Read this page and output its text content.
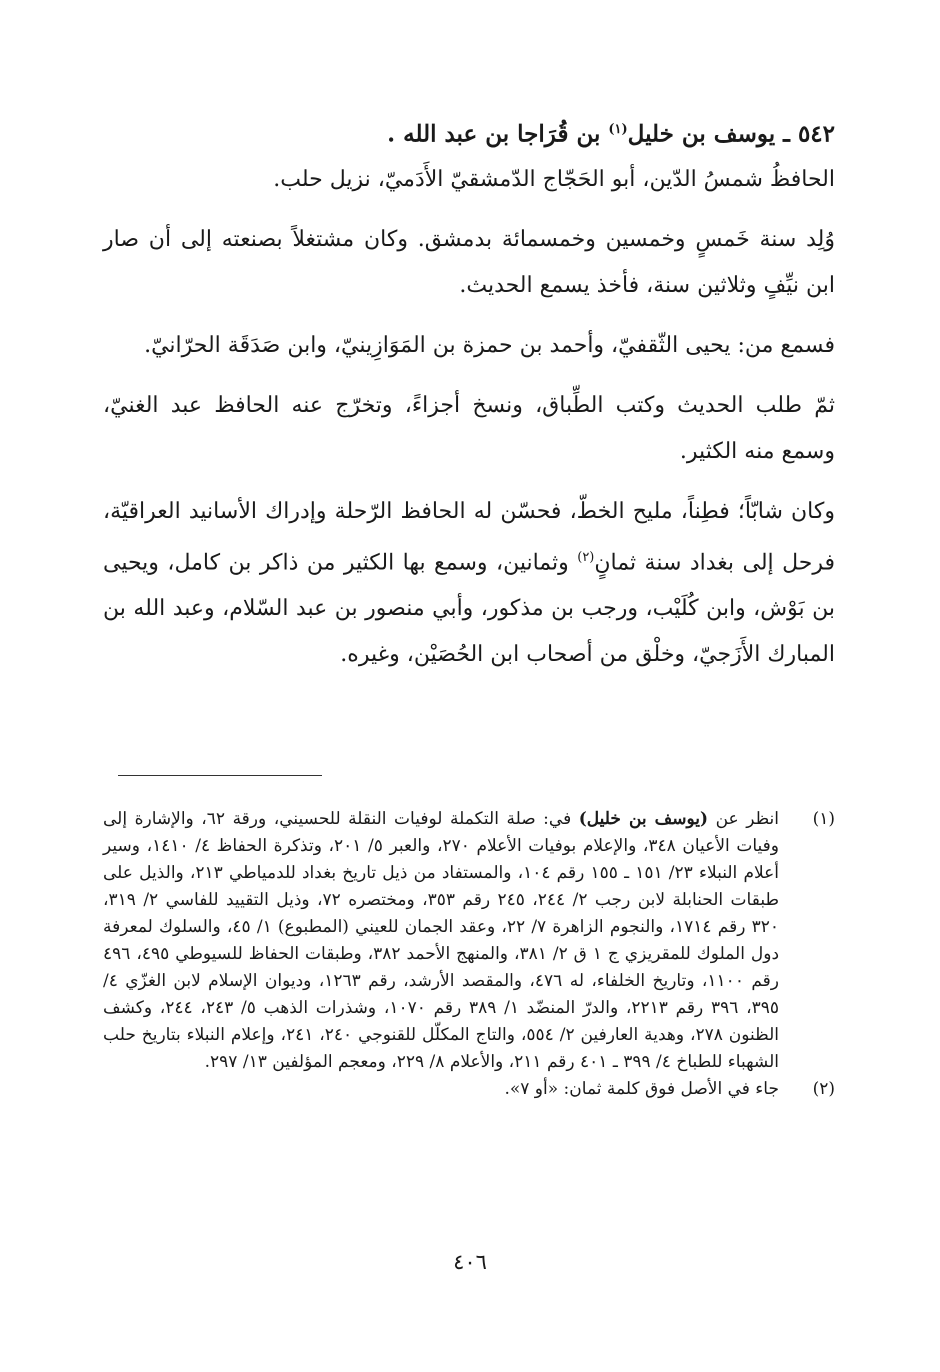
٥٤٢ ـ يوسف بن خليل$^{(١)}$ بن قُرَاجا بن عبد الله .

الحافظُ شمسُ الدّين، أبو الحَجّاج الدّمشقيّ الأَدَميّ، نزيل حلب.

وُلِد سنة خَمسٍ وخمسين وخمسمائة بدمشق. وكان مشتغلاً بصنعته إلى أن صار ابن نيِّفٍ وثلاثين سنة، فأخذ يسمع الحديث.

فسمع من: يحيى الثّقفيّ، وأحمد بن حمزة بن المَوَازِينيّ، وابن صَدَقَة الحرّانيّ.

ثمّ طلب الحديث وكتب الطِّباق، ونسخ أجزاءً، وتخرّج عنه الحافظ عبد الغنيّ، وسمع منه الكثير.

وكان شابّاً؛ فطِناً، مليح الخطّ، فحسّن له الحافظ الرّحلة وإدراك الأسانيد العراقيّة، فرحل إلى بغداد سنة ثمانٍ$^{(٢)}$ وثمانين، وسمع بها الكثير من ذاكر بن كامل، ويحيى بن بَوْش، وابن كُلَيْب، ورجب بن مذكور، وأبي منصور بن عبد السّلام، وعبد الله بن المبارك الأَزَجيّ، وخلْق من أصحاب ابن الحُصَيْن، وغيره.

(١)

انظر عن (يوسف بن خليل) في: صلة التكملة لوفيات النقلة للحسيني، ورقة ٦٢، والإشارة إلى وفيات الأعيان ٣٤٨، والإعلام بوفيات الأعلام ٢٧٠، والعبر ٥/ ٢٠١، وتذكرة الحفاظ ٤/ ١٤١٠، وسير أعلام النبلاء ٢٣/ ١٥١ ـ ١٥٥ رقم ١٠٤، والمستفاد من ذيل تاريخ بغداد للدمياطي ٢١٣، والذيل على طبقات الحنابلة لابن رجب ٢/ ٢٤٤، ٢٤٥ رقم ٣٥٣، ومختصره ٧٢، وذيل التقييد للفاسي ٢/ ٣١٩، ٣٢٠ رقم ١٧١٤، والنجوم الزاهرة ٧/ ٢٢، وعقد الجمان للعيني (المطبوع) ١/ ٤٥، والسلوك لمعرفة دول الملوك للمقريزي ج ١ ق ٢/ ٣٨١، والمنهج الأحمد ٣٨٢، وطبقات الحفاظ للسيوطي ٤٩٥، ٤٩٦ رقم ١١٠٠، وتاريخ الخلفاء، له ٤٧٦، والمقصد الأرشد، رقم ١٢٦٣، وديوان الإسلام لابن الغزّي ٤/ ٣٩٥، ٣٩٦ رقم ٢٢١٣، والدرّ المنضّد ١/ ٣٨٩ رقم ١٠٧٠، وشذرات الذهب ٥/ ٢٤٣، ٢٤٤، وكشف الظنون ٢٧٨، وهدية العارفين ٢/ ٥٥٤، والتاج المكلّل للقنوجي ٢٤٠، ٢٤١، وإعلام النبلاء بتاريخ حلب الشهباء للطباخ ٤/ ٣٩٩ ـ ٤٠١ رقم ٢١١، والأعلام ٨/ ٢٢٩، ومعجم المؤلفين ١٣/ ٢٩٧.

(٢)

جاء في الأصل فوق كلمة ثمان: «أو ٧».

٤٠٦
